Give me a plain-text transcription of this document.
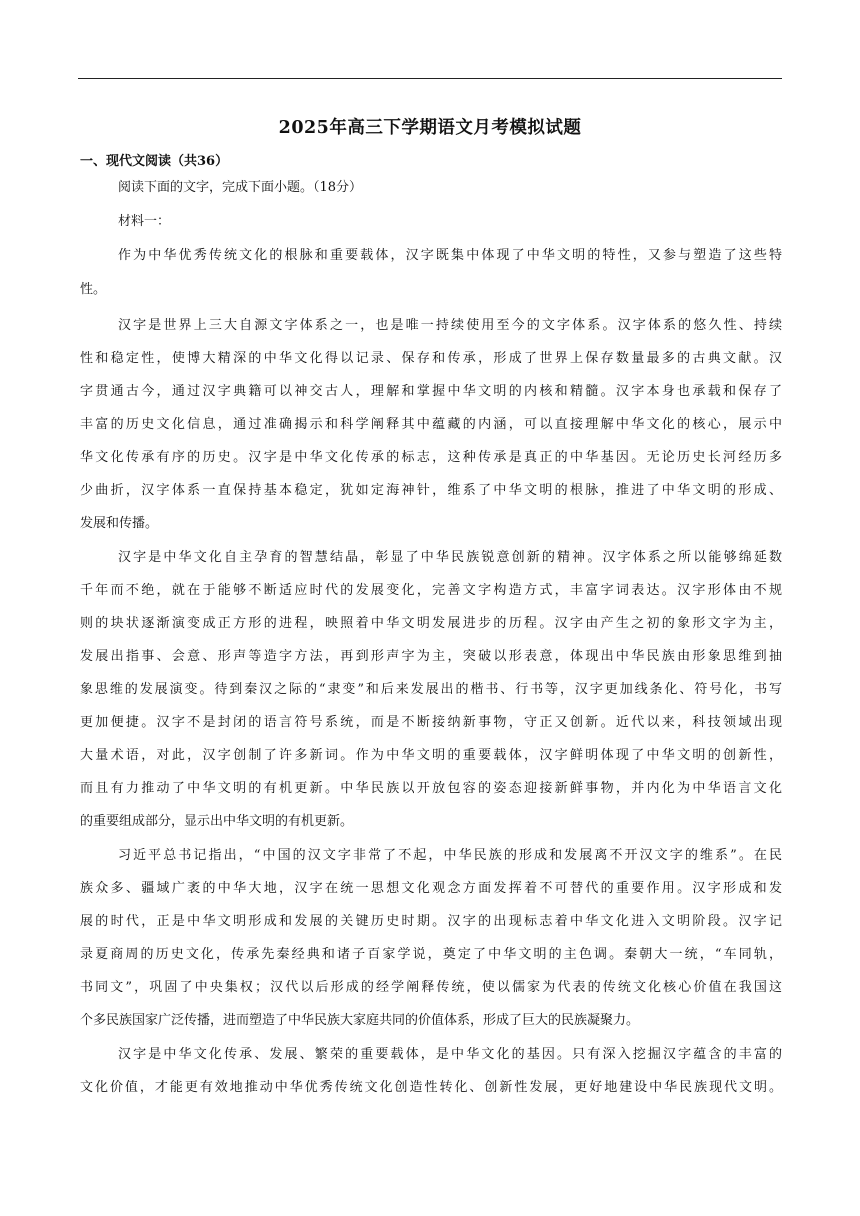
2025年高三下学期语文月考模拟试题
一、现代文阅读（共36）
阅读下面的文字，完成下面小题。（18分）
材料一：
作为中华优秀传统文化的根脉和重要载体，汉字既集中体现了中华文明的特性，又参与塑造了这些特
性。
汉字是世界上三大自源文字体系之一，也是唯一持续使用至今的文字体系。汉字体系的悠久性、持续
性和稳定性，使博大精深的中华文化得以记录、保存和传承，形成了世界上保存数量最多的古典文献。汉
字贯通古今，通过汉字典籍可以神交古人，理解和掌握中华文明的内核和精髓。汉字本身也承载和保存了
丰富的历史文化信息，通过准确揭示和科学阐释其中蕴藏的内涵，可以直接理解中华文化的核心，展示中
华文化传承有序的历史。汉字是中华文化传承的标志，这种传承是真正的中华基因。无论历史长河经历多
少曲折，汉字体系一直保持基本稳定，犹如定海神针，维系了中华文明的根脉，推进了中华文明的形成、
发展和传播。
汉字是中华文化自主孕育的智慧结晶，彰显了中华民族锐意创新的精神。汉字体系之所以能够绵延数
千年而不绝，就在于能够不断适应时代的发展变化，完善文字构造方式，丰富字词表达。汉字形体由不规
则的块状逐渐演变成正方形的进程，映照着中华文明发展进步的历程。汉字由产生之初的象形文字为主，
发展出指事、会意、形声等造字方法，再到形声字为主，突破以形表意，体现出中华民族由形象思维到抽
象思维的发展演变。待到秦汉之际的“隶变”和后来发展出的楷书、行书等，汉字更加线条化、符号化，书写
更加便捷。汉字不是封闭的语言符号系统，而是不断接纳新事物，守正又创新。近代以来，科技领域出现
大量术语，对此，汉字创制了许多新词。作为中华文明的重要载体，汉字鲜明体现了中华文明的创新性，
而且有力推动了中华文明的有机更新。中华民族以开放包容的姿态迎接新鲜事物，并内化为中华语言文化
的重要组成部分，显示出中华文明的有机更新。
习近平总书记指出，“中国的汉文字非常了不起，中华民族的形成和发展离不开汉文字的维系”。在民
族众多、疆域广袤的中华大地，汉字在统一思想文化观念方面发挥着不可替代的重要作用。汉字形成和发
展的时代，正是中华文明形成和发展的关键历史时期。汉字的出现标志着中华文化进入文明阶段。汉字记
录夏商周的历史文化，传承先秦经典和诸子百家学说，奠定了中华文明的主色调。秦朝大一统，“车同轨，
书同文”，巩固了中央集权；汉代以后形成的经学阐释传统，使以儒家为代表的传统文化核心价值在我国这
个多民族国家广泛传播，进而塑造了中华民族大家庭共同的价值体系，形成了巨大的民族凝聚力。
汉字是中华文化传承、发展、繁荣的重要载体，是中华文化的基因。只有深入挖掘汉字蕴含的丰富的
文化价值，才能更有效地推动中华优秀传统文化创造性转化、创新性发展，更好地建设中华民族现代文明。
